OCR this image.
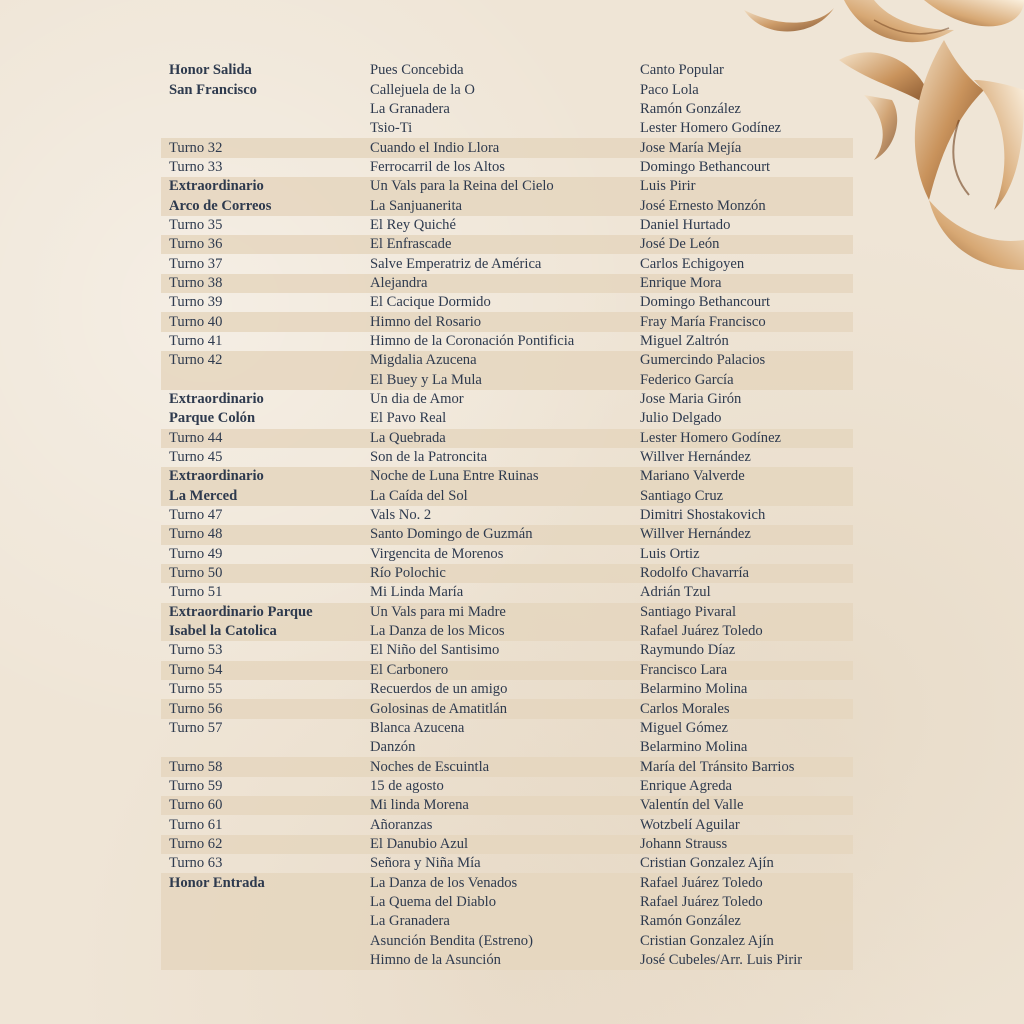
Honor Salida	Pues Concebida	Canto Popular
San Francisco	Callejuela de la O	Paco Lola
	La Granadera	Ramón González
	Tsio-Ti	Lester Homero Godínez
Turno 32	Cuando el Indio Llora	Jose María Mejía
Turno 33	Ferrocarril de los Altos	Domingo Bethancourt
Extraordinario	Un Vals para la Reina del Cielo	Luis Pirir
Arco de Correos	La Sanjuanerita	José Ernesto Monzón
Turno 35	El Rey Quiché	Daniel Hurtado
Turno 36	El Enfrascade	José De León
Turno 37	Salve Emperatriz de América	Carlos Echigoyen
Turno 38	Alejandra	Enrique Mora
Turno 39	El Cacique Dormido	Domingo Bethancourt
Turno 40	Himno del Rosario	Fray María Francisco
Turno 41	Himno de la Coronación Pontificia	Miguel Zaltrón
Turno 42	Migdalia Azucena	Gumercindo Palacios
	El Buey y La Mula	Federico García
Extraordinario	Un dia de Amor	Jose Maria Girón
Parque Colón	El Pavo Real	Julio Delgado
Turno 44	La Quebrada	Lester Homero Godínez
Turno 45	Son de la Patroncita	Willver Hernández
Extraordinario	Noche de Luna Entre Ruinas	Mariano Valverde
La Merced	La Caída del Sol	Santiago Cruz
Turno 47	Vals No. 2	Dimitri Shostakovich
Turno 48	Santo Domingo de Guzmán	Willver Hernández
Turno 49	Virgencita de Morenos	Luis Ortiz
Turno 50	Río Polochic	Rodolfo Chavarría
Turno 51	Mi Linda María	Adrián Tzul
Extraordinario Parque	Un Vals para mi Madre	Santiago Pivaral
Isabel la Catolica	La Danza de los Micos	Rafael Juárez Toledo
Turno 53	El Niño del Santisimo	Raymundo Díaz
Turno 54	El Carbonero	Francisco Lara
Turno 55	Recuerdos de un amigo	Belarmino Molina
Turno 56	Golosinas de Amatitlán	Carlos Morales
Turno 57	Blanca Azucena	Miguel Gómez
	Danzón	Belarmino Molina
Turno 58	Noches de Escuintla	María del Tránsito Barrios
Turno 59	15 de agosto	Enrique Agreda
Turno 60	Mi linda Morena	Valentín del Valle
Turno 61	Añoranzas	Wotzbelí Aguilar
Turno 62	El Danubio Azul	Johann Strauss
Turno 63	Señora y Niña Mía	Cristian Gonzalez Ajín
Honor Entrada	La Danza de los Venados	Rafael Juárez Toledo
	La Quema del Diablo	Rafael Juárez Toledo
	La Granadera	Ramón González
	Asunción Bendita (Estreno)	Cristian Gonzalez Ajín
	Himno de la Asunción	José Cubeles/Arr. Luis Pirir
